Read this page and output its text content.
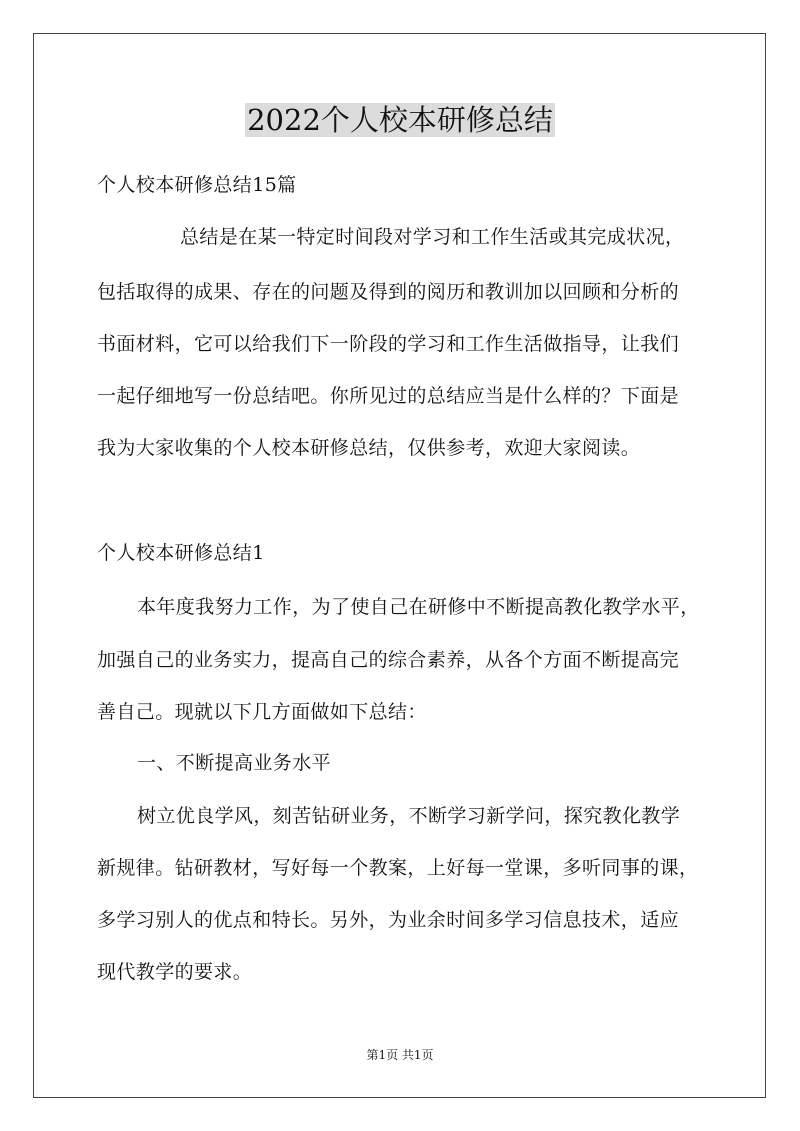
2022个人校本研修总结
个人校本研修总结15篇
总结是在某一特定时间段对学习和工作生活或其完成状况，
包括取得的成果、存在的问题及得到的阅历和教训加以回顾和分析的
书面材料，它可以给我们下一阶段的学习和工作生活做指导，让我们
一起仔细地写一份总结吧。你所见过的总结应当是什么样的？下面是
我为大家收集的个人校本研修总结，仅供参考，欢迎大家阅读。
个人校本研修总结1
本年度我努力工作，为了使自己在研修中不断提高教化教学水平，
加强自己的业务实力，提高自己的综合素养，从各个方面不断提高完
善自己。现就以下几方面做如下总结：
一、不断提高业务水平
树立优良学风，刻苦钻研业务，不断学习新学问，探究教化教学
新规律。钻研教材，写好每一个教案，上好每一堂课，多听同事的课，
多学习别人的优点和特长。另外，为业余时间多学习信息技术，适应
现代教学的要求。
第1页 共1页
